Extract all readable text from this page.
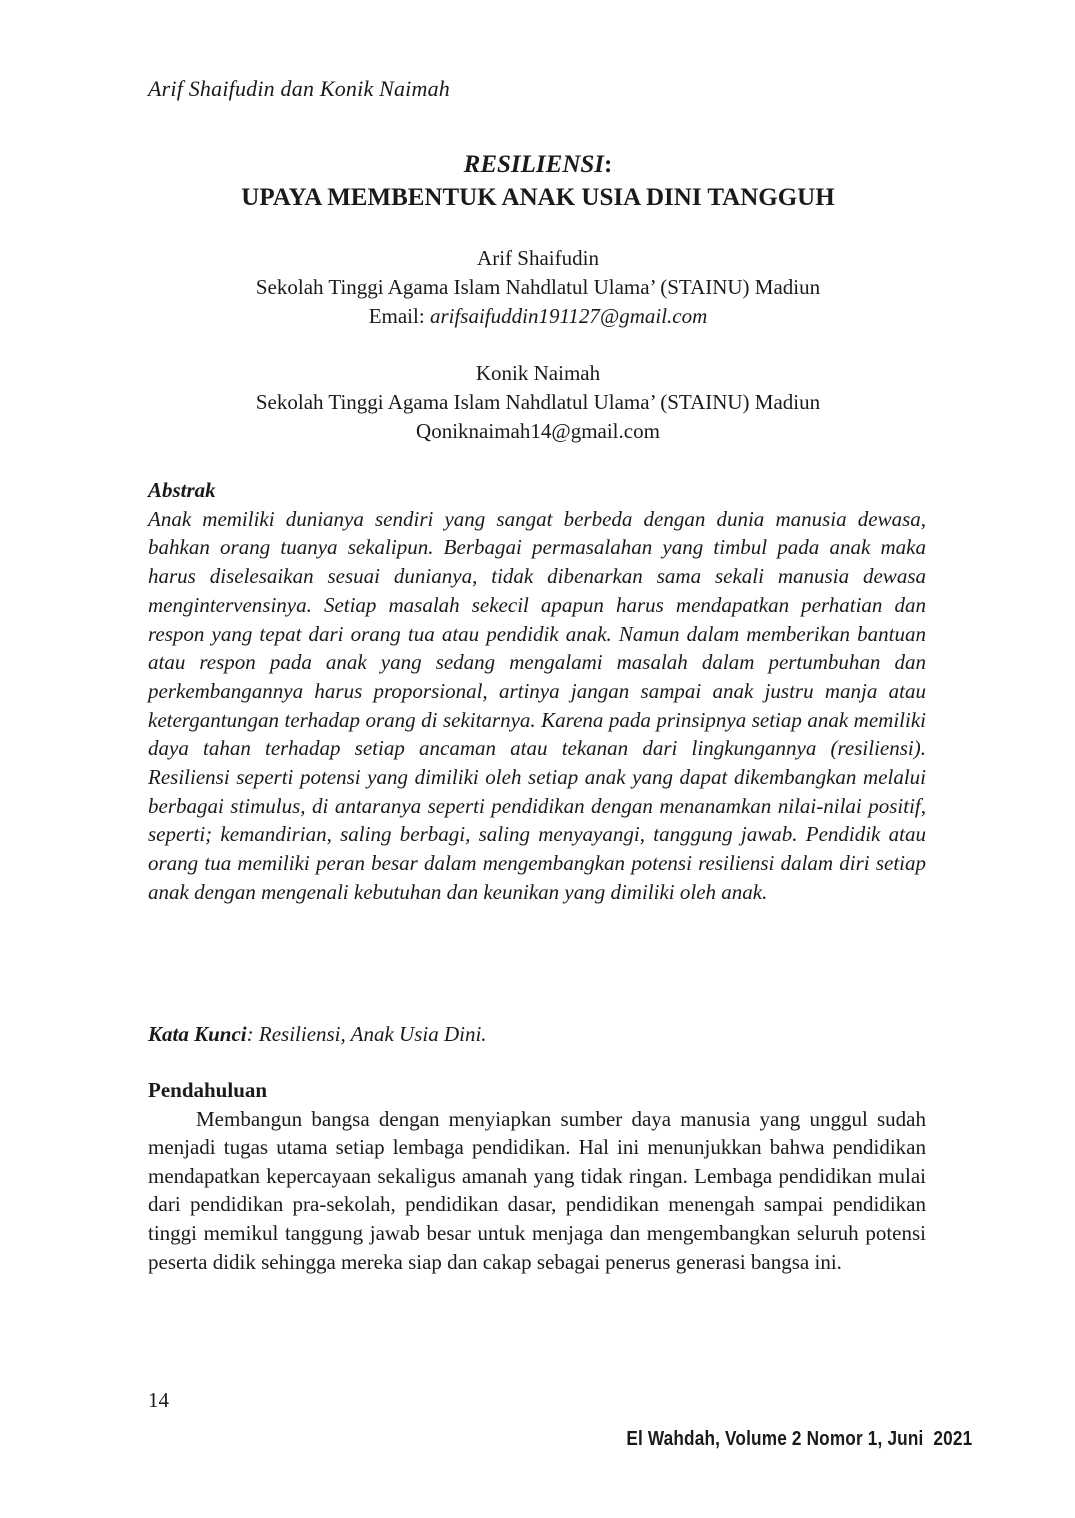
Arif Shaifudin dan Konik Naimah
RESILIENSI:
UPAYA MEMBENTUK ANAK USIA DINI TANGGUH
Arif Shaifudin
Sekolah Tinggi Agama Islam Nahdlatul Ulama’ (STAINU) Madiun
Email: arifsaifuddin191127@gmail.com
Konik Naimah
Sekolah Tinggi Agama Islam Nahdlatul Ulama’ (STAINU) Madiun
Qoniknaimah14@gmail.com
Abstrak
Anak memiliki dunianya sendiri yang sangat berbeda dengan dunia manusia dewasa, bahkan orang tuanya sekalipun. Berbagai permasalahan yang timbul pada anak maka harus diselesaikan sesuai dunianya, tidak dibenarkan sama sekali manusia dewasa mengintervensinya. Setiap masalah sekecil apapun harus mendapatkan perhatian dan respon yang tepat dari orang tua atau pendidik anak. Namun dalam memberikan bantuan atau respon pada anak yang sedang mengalami masalah dalam pertumbuhan dan perkembangannya harus proporsional, artinya jangan sampai anak justru manja atau ketergantungan terhadap orang di sekitarnya. Karena pada prinsipnya setiap anak memiliki daya tahan terhadap setiap ancaman atau tekanan dari lingkungannya (resiliensi). Resiliensi seperti potensi yang dimiliki oleh setiap anak yang dapat dikembangkan melalui berbagai stimulus, di antaranya seperti pendidikan dengan menanamkan nilai-nilai positif, seperti; kemandirian, saling berbagi, saling menyayangi, tanggung jawab. Pendidik atau orang tua memiliki peran besar dalam mengembangkan potensi resiliensi dalam diri setiap anak dengan mengenali kebutuhan dan keunikan yang dimiliki oleh anak.
Kata Kunci: Resiliensi, Anak Usia Dini.
Pendahuluan
Membangun bangsa dengan menyiapkan sumber daya manusia yang unggul sudah menjadi tugas utama setiap lembaga pendidikan. Hal ini menunjukkan bahwa pendidikan mendapatkan kepercayaan sekaligus amanah yang tidak ringan. Lembaga pendidikan mulai dari pendidikan pra-sekolah, pendidikan dasar, pendidikan menengah sampai pendidikan tinggi memikul tanggung jawab besar untuk menjaga dan mengembangkan seluruh potensi peserta didik sehingga mereka siap dan cakap sebagai penerus generasi bangsa ini.
14
El Wahdah, Volume 2 Nomor 1, Juni  2021
